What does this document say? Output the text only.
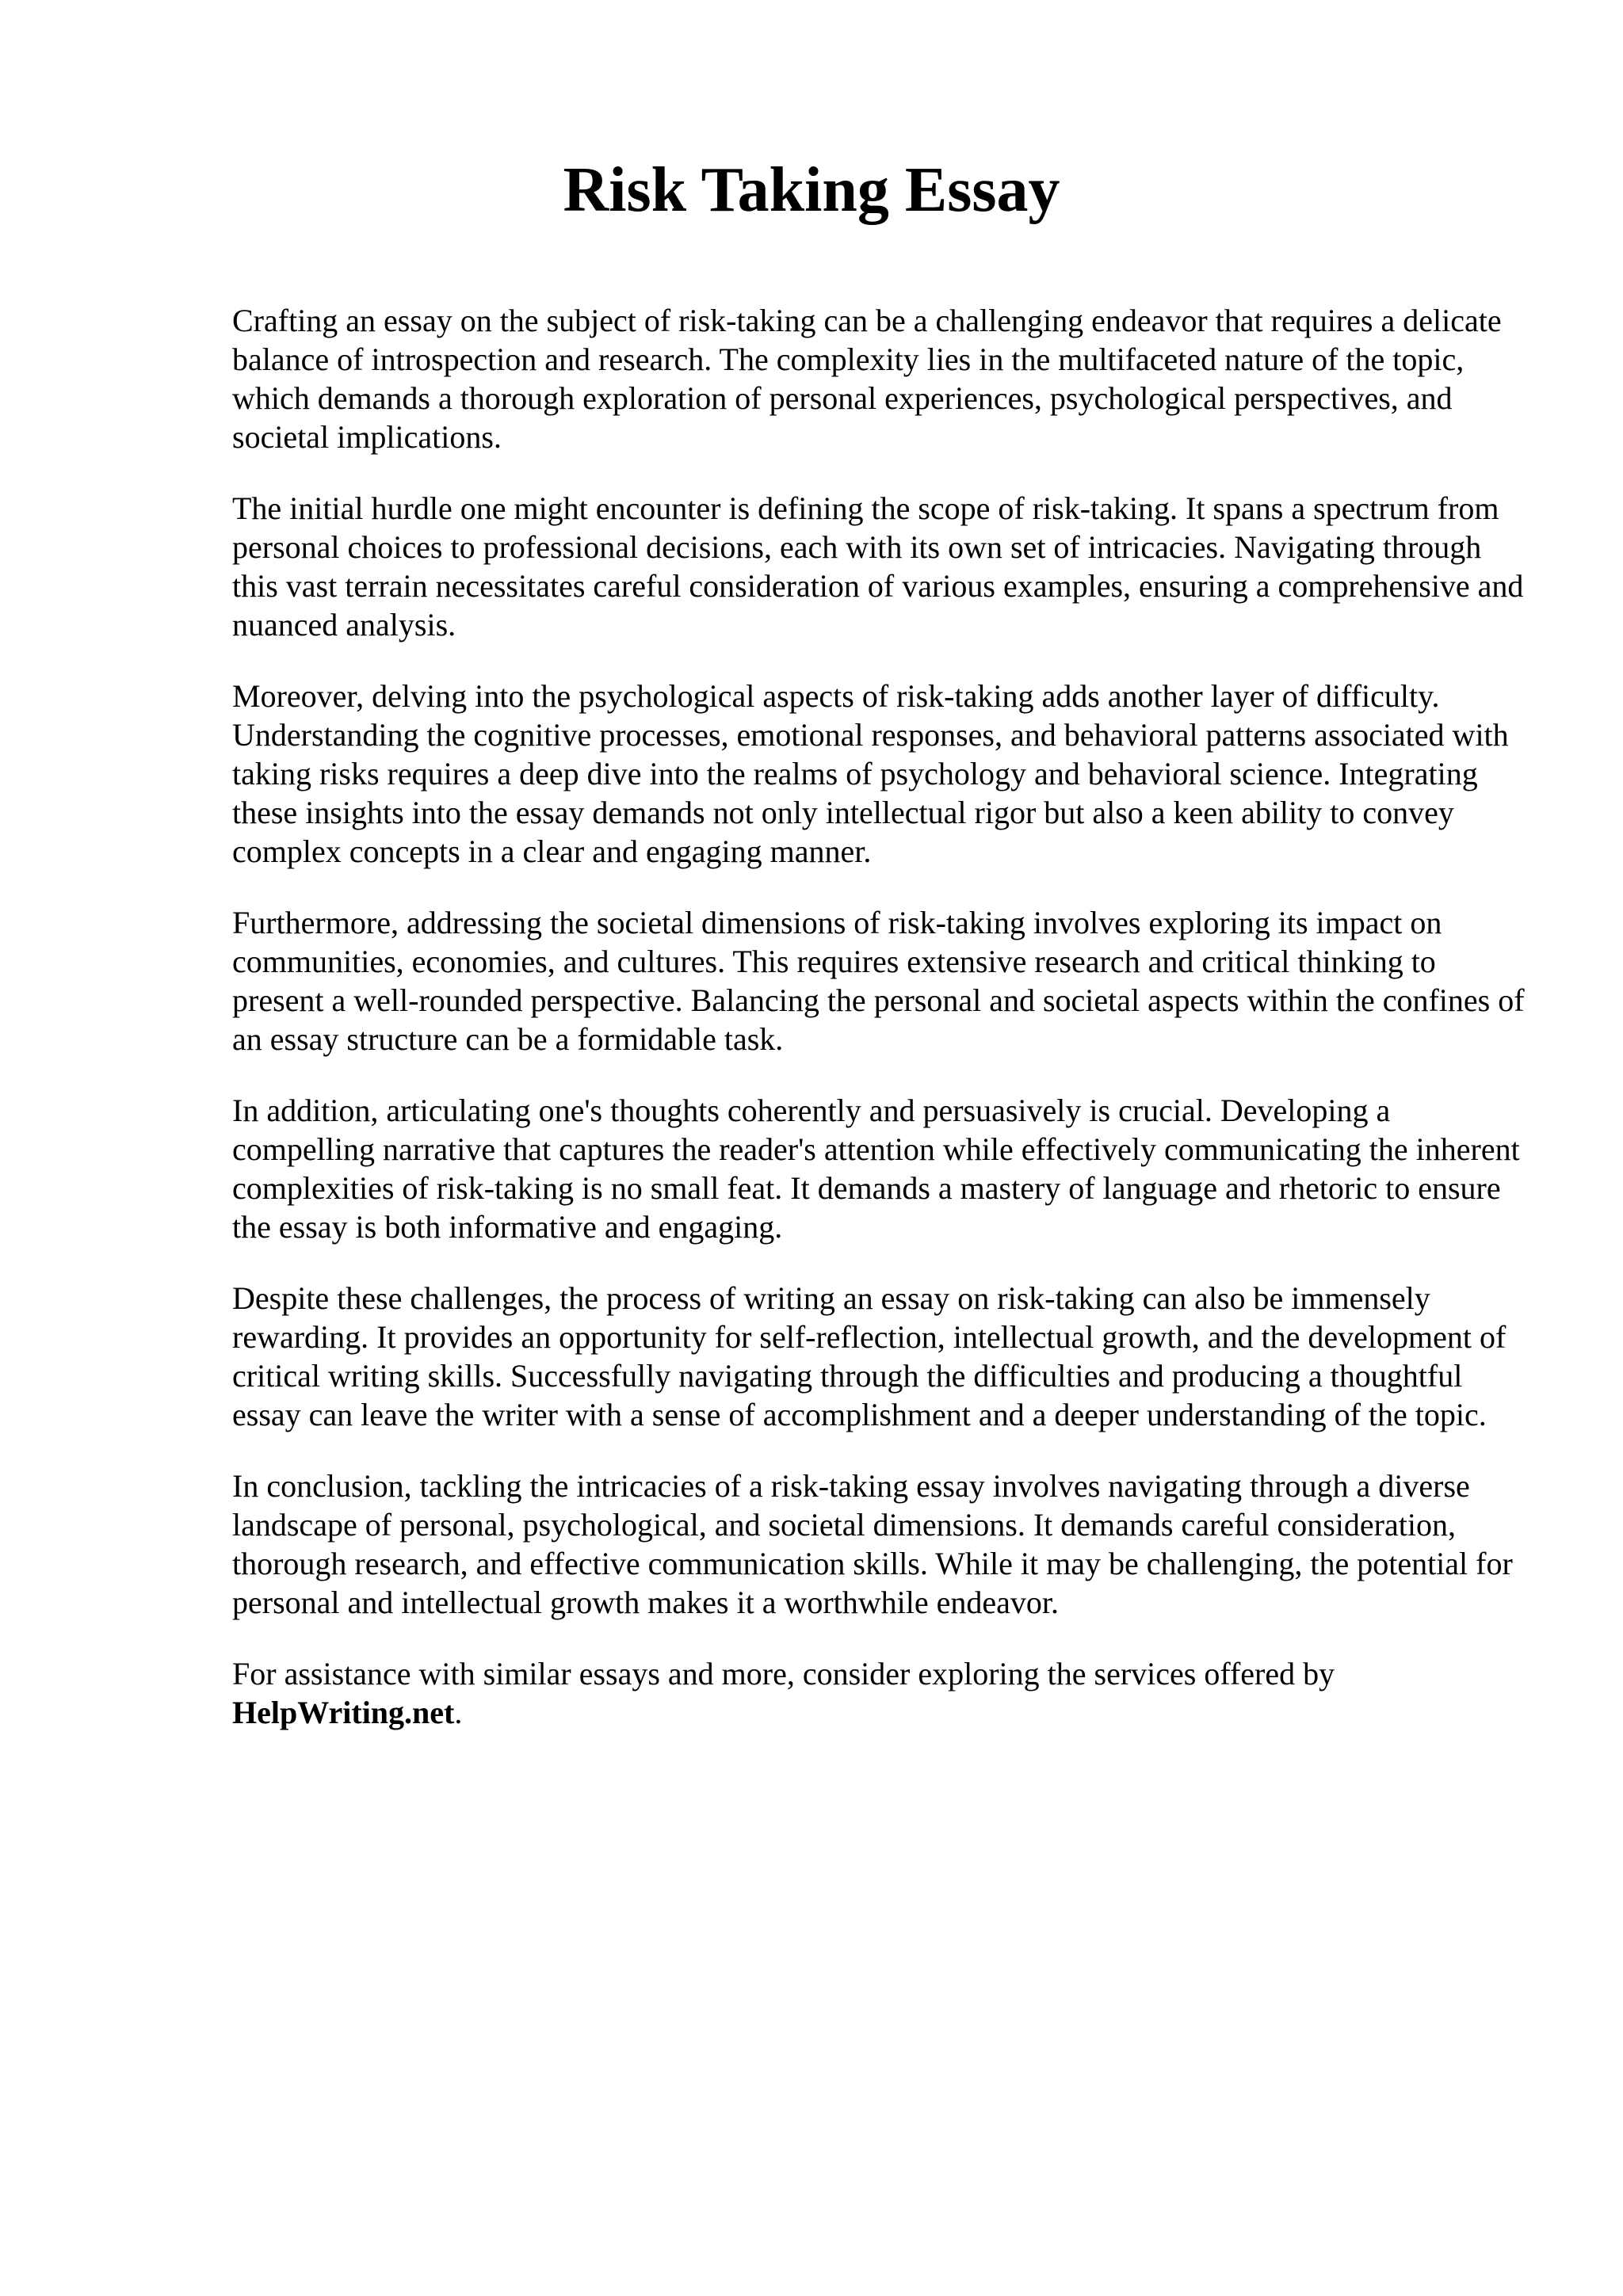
Risk Taking Essay

Crafting an essay on the subject of risk-taking can be a challenging endeavor that requires a delicate balance of introspection and research. The complexity lies in the multifaceted nature of the topic, which demands a thorough exploration of personal experiences, psychological perspectives, and societal implications.

The initial hurdle one might encounter is defining the scope of risk-taking. It spans a spectrum from personal choices to professional decisions, each with its own set of intricacies. Navigating through this vast terrain necessitates careful consideration of various examples, ensuring a comprehensive and nuanced analysis.

Moreover, delving into the psychological aspects of risk-taking adds another layer of difficulty. Understanding the cognitive processes, emotional responses, and behavioral patterns associated with taking risks requires a deep dive into the realms of psychology and behavioral science. Integrating these insights into the essay demands not only intellectual rigor but also a keen ability to convey complex concepts in a clear and engaging manner.

Furthermore, addressing the societal dimensions of risk-taking involves exploring its impact on communities, economies, and cultures. This requires extensive research and critical thinking to present a well-rounded perspective. Balancing the personal and societal aspects within the confines of an essay structure can be a formidable task.

In addition, articulating one's thoughts coherently and persuasively is crucial. Developing a compelling narrative that captures the reader's attention while effectively communicating the inherent complexities of risk-taking is no small feat. It demands a mastery of language and rhetoric to ensure the essay is both informative and engaging.

Despite these challenges, the process of writing an essay on risk-taking can also be immensely rewarding. It provides an opportunity for self-reflection, intellectual growth, and the development of critical writing skills. Successfully navigating through the difficulties and producing a thoughtful essay can leave the writer with a sense of accomplishment and a deeper understanding of the topic.

In conclusion, tackling the intricacies of a risk-taking essay involves navigating through a diverse landscape of personal, psychological, and societal dimensions. It demands careful consideration, thorough research, and effective communication skills. While it may be challenging, the potential for personal and intellectual growth makes it a worthwhile endeavor.

For assistance with similar essays and more, consider exploring the services offered by HelpWriting.net.
